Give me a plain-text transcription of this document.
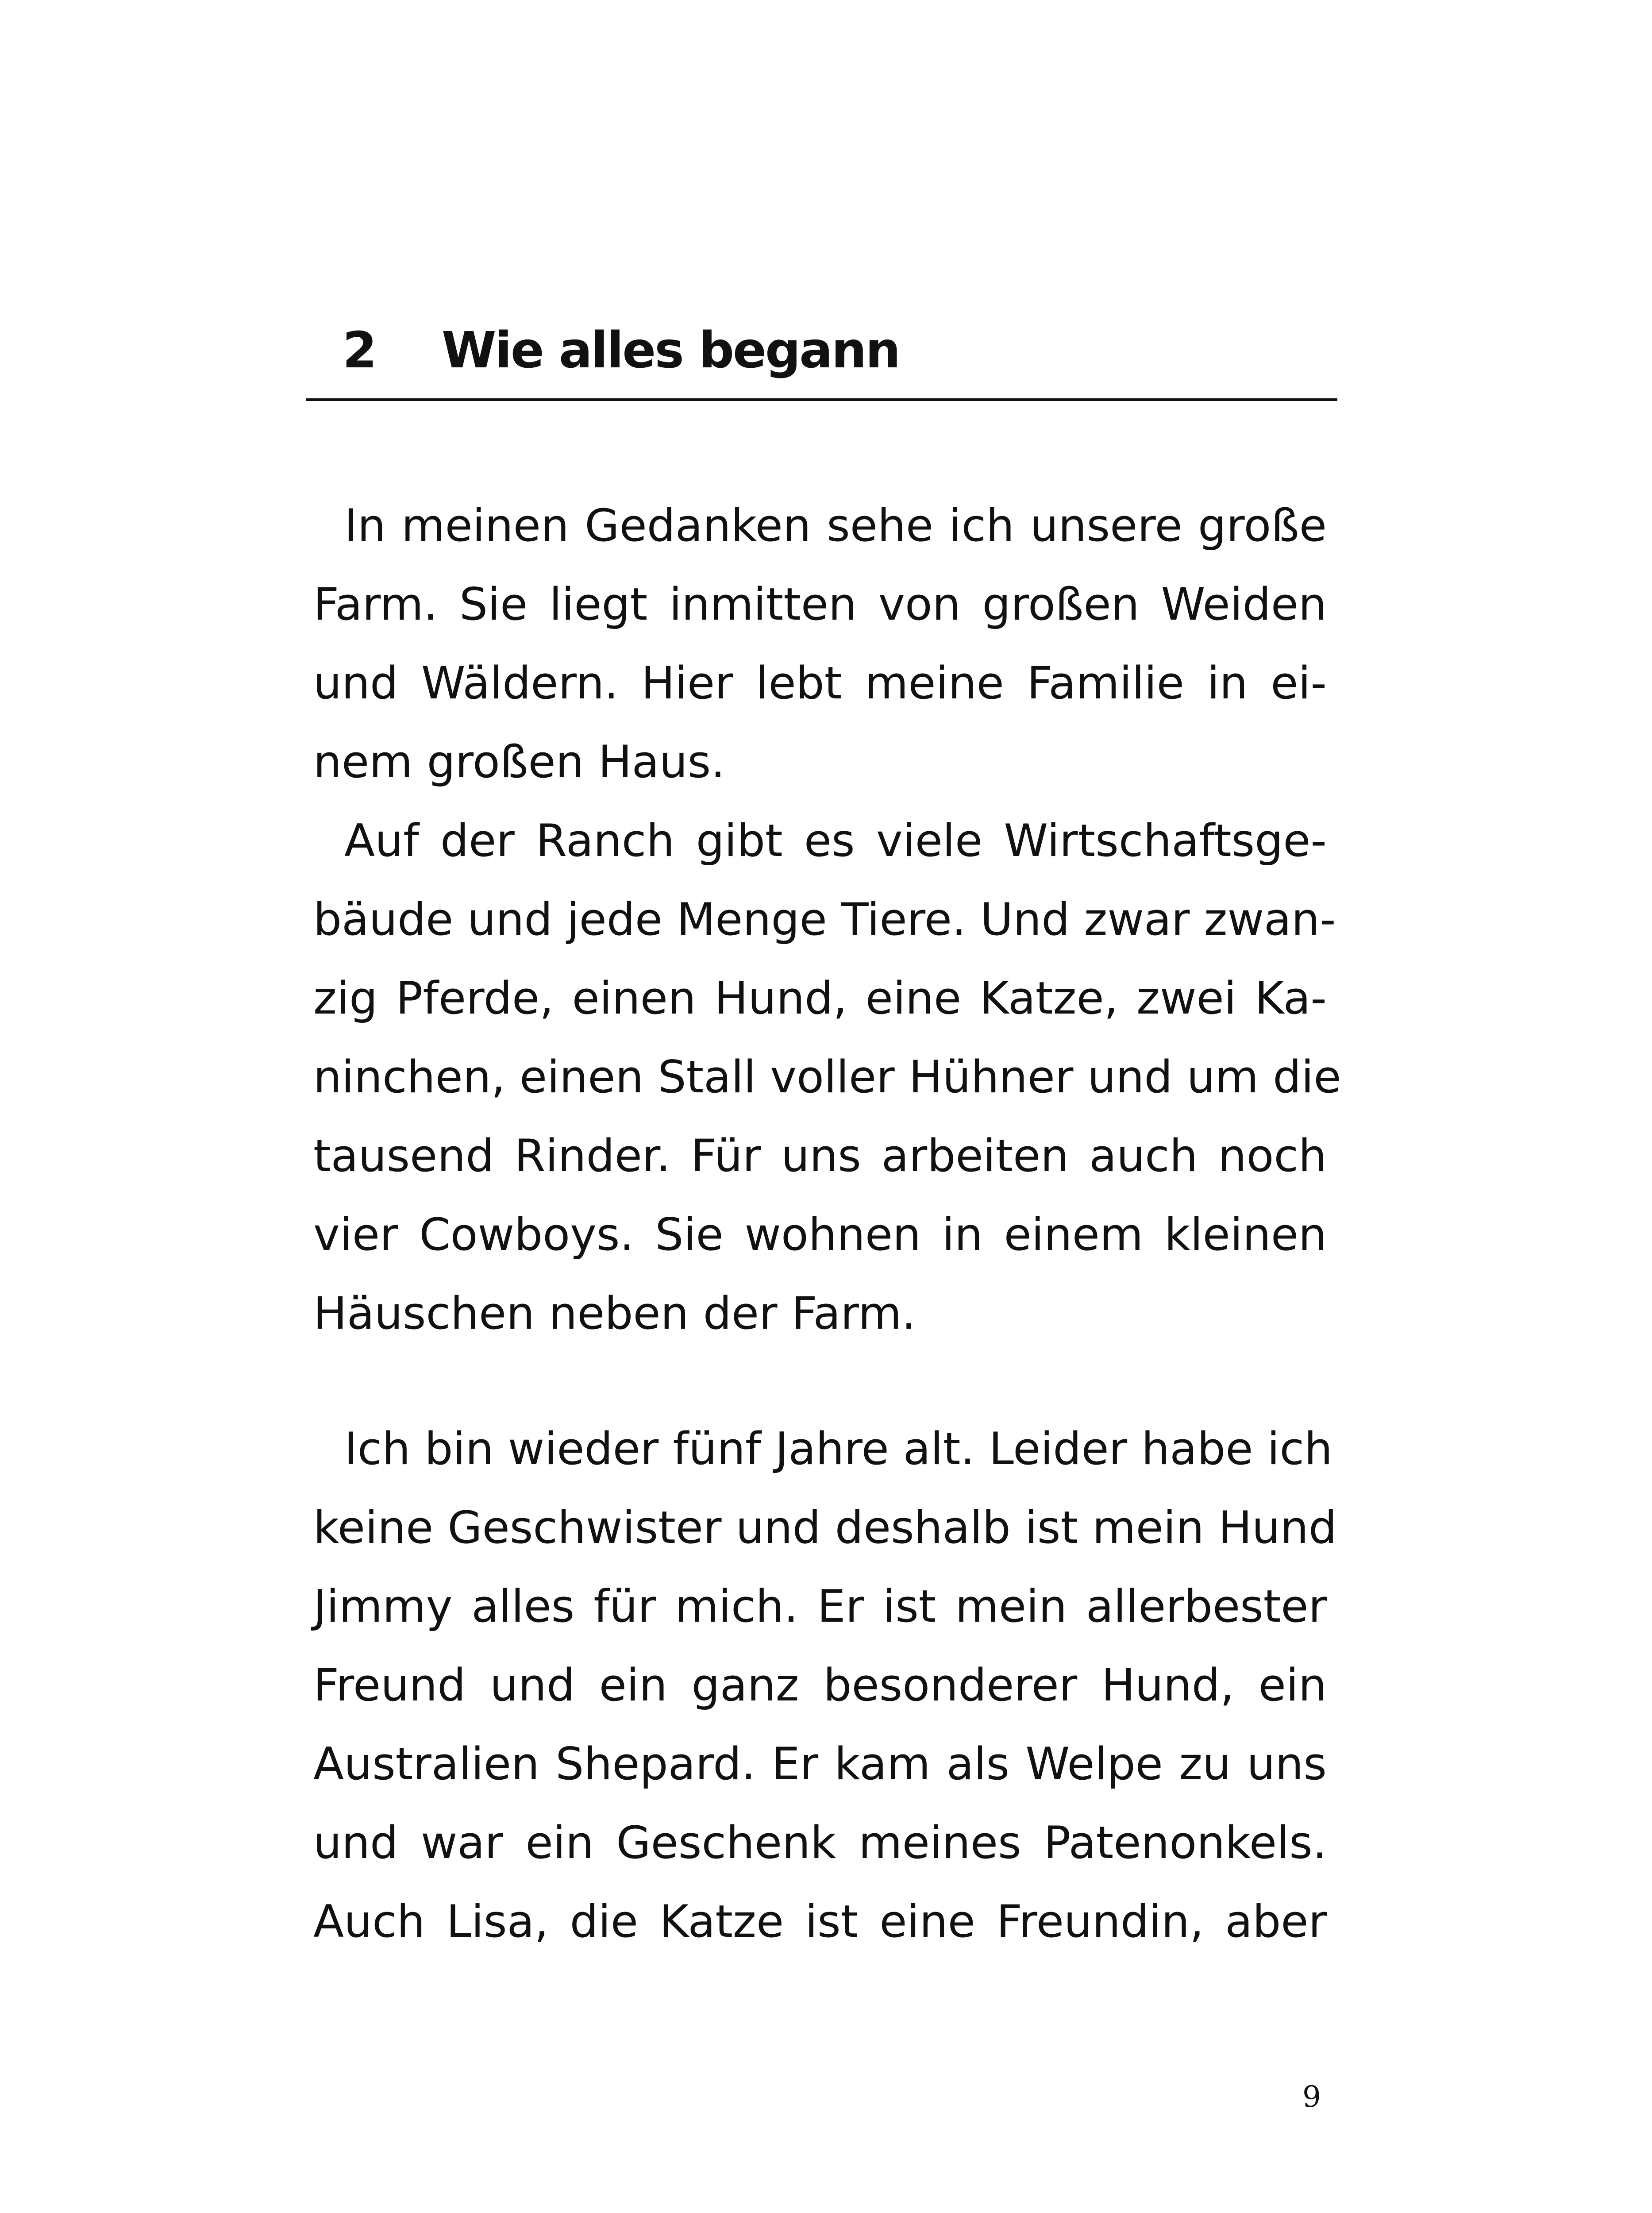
2 Wie alles begann
In meinen Gedanken sehe ich unsere große
Farm. Sie liegt inmitten von großen Weiden
und Wäldern. Hier lebt meine Familie in ei-
nem großen Haus.
Auf der Ranch gibt es viele Wirtschaftsge-
bäude und jede Menge Tiere. Und zwar zwan-
zig Pferde, einen Hund, eine Katze, zwei Ka-
ninchen, einen Stall voller Hühner und um die
tausend Rinder. Für uns arbeiten auch noch
vier Cowboys. Sie wohnen in einem kleinen
Häuschen neben der Farm.
Ich bin wieder fünf Jahre alt. Leider habe ich
keine Geschwister und deshalb ist mein Hund
Jimmy alles für mich. Er ist mein allerbester
Freund und ein ganz besonderer Hund, ein
Australien Shepard. Er kam als Welpe zu uns
und war ein Geschenk meines Patenonkels.
Auch Lisa, die Katze ist eine Freundin, aber
9
